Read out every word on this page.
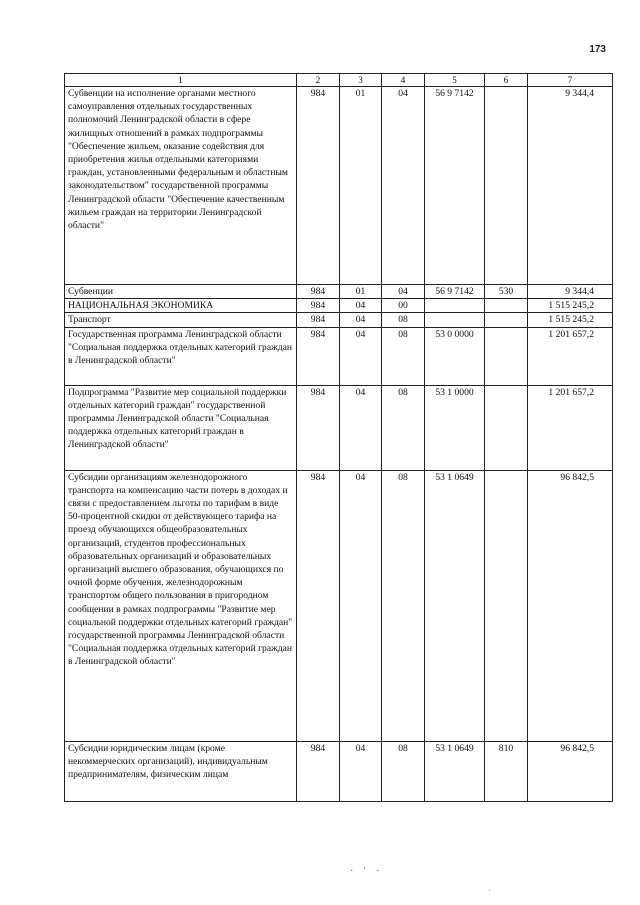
173
1	2	3	4	5	6	7
Субвенции на исполнение органами местного самоуправления отдельных государственных полномочий Ленинградской области в сфере жилищных отношений в рамках подпрограммы "Обеспечение жильем, оказание содействия для приобретения жилья отдельными категориями граждан, установленными федеральным и областным законодательством" государственной программы Ленинградской области "Обеспечение качественным жильем граждан на территории Ленинградской области"	984	01	04	56 9 7142		9 344,4
Субвенции	984	01	04	56 9 7142	530	9 344,4
НАЦИОНАЛЬНАЯ ЭКОНОМИКА	984	04	00			1 515 245,2
Транспорт	984	04	08			1 515 245,2
Государственная программа Ленинградской области "Социальная поддержка отдельных категорий граждан в Ленинградской области"	984	04	08	53 0 0000		1 201 657,2
Подпрограмма "Развитие мер социальной поддержки отдельных категорий граждан" государственной программы Ленинградской области "Социальная поддержка отдельных категорий граждан в Ленинградской области"	984	04	08	53 1 0000		1 201 657,2
Субсидии организациям железнодорожного транспорта на компенсацию части потерь в доходах и связи с предоставлением льготы по тарифам в виде 50-процентной скидки от действующего тарифа на проезд обучающихся общеобразовательных организаций, студентов профессиональных образовательных организаций и образовательных организаций высшего образования, обучающихся по очной форме обучения, железнодорожным транспортом общего пользования в пригородном сообщении в рамках подпрограммы "Развитие мер социальной поддержки отдельных категорий граждан" государственной программы Ленинградской области "Социальная поддержка отдельных категорий граждан в Ленинградской области"	984	04	08	53 1 0649		96 842,5
Субсидии юридическим лицам (кроме некоммерческих организаций), индивидуальным предпринимателям, физическим лицам	984	04	08	53 1 0649	810	96 842,5
· ' ·
·
